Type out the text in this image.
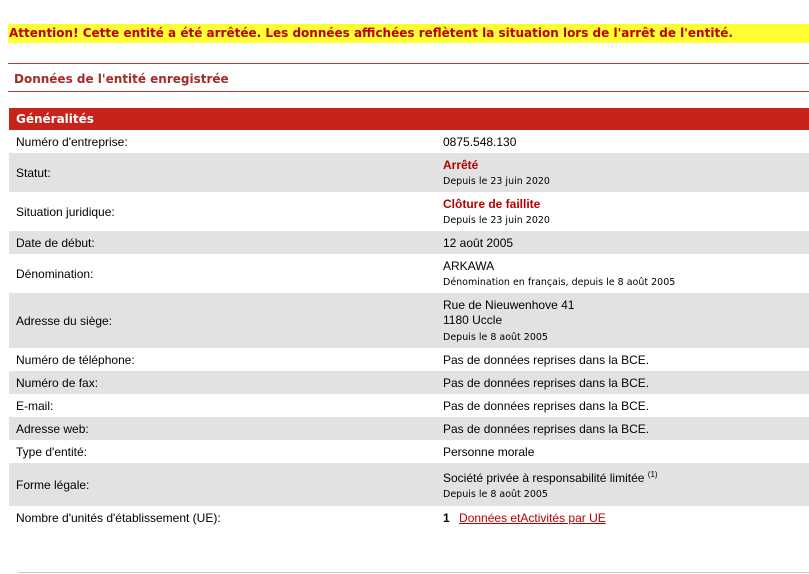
Attention! Cette entité a été arrêtée. Les données affichées reflètent la situation lors de l'arrêt de l'entité.
Données de l'entité enregistrée
Généralités
Numéro d'entreprise:	0875.548.130
Statut:
Arrêté
Depuis le 23 juin 2020
Situation juridique:
Clôture de faillite
Depuis le 23 juin 2020
Date de début:	12 août 2005
Dénomination:
ARKAWA
Dénomination en français, depuis le 8 août 2005
Adresse du siège:
Rue de Nieuwenhove 41
1180 Uccle
Depuis le 8 août 2005
Numéro de téléphone:	Pas de données reprises dans la BCE.
Numéro de fax:	Pas de données reprises dans la BCE.
E-mail:	Pas de données reprises dans la BCE.
Adresse web:	Pas de données reprises dans la BCE.
Type d'entité:	Personne morale
Forme légale:	Société privée à responsabilité limitée $^{(1)}$
Depuis le 8 août 2005
Nombre d'unités d'établissement (UE):	1 Données etActivités par UE
